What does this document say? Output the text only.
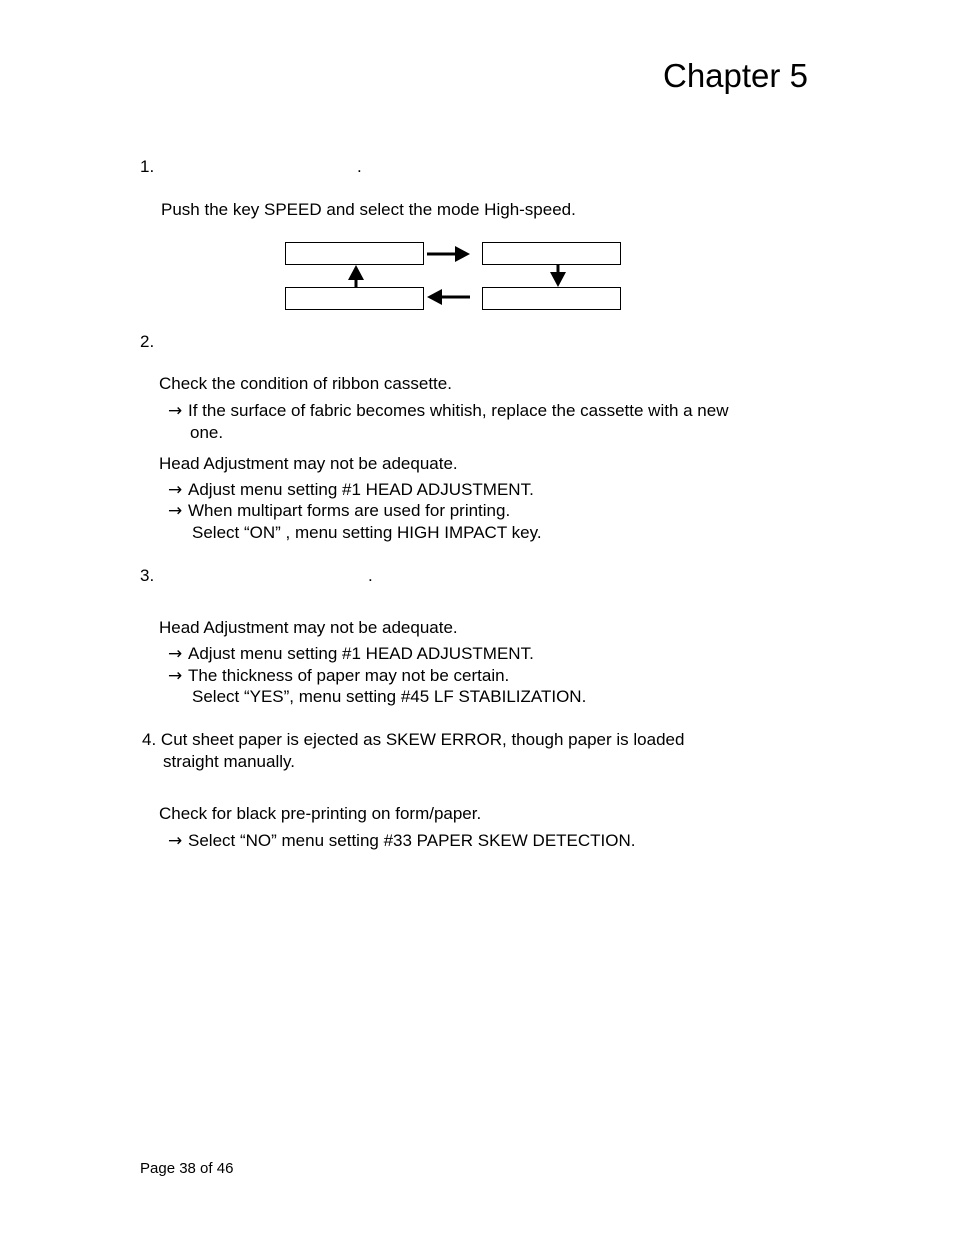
Chapter 5
1.	.
Push the key SPEED and select the mode High-speed.
2.
Check the condition of ribbon cassette.
→ If the surface of fabric becomes whitish, replace the cassette with a new
one.
Head Adjustment may not be adequate.
→ Adjust menu setting #1 HEAD ADJUSTMENT.
→ When multipart forms are used for printing.
Select “ON” , menu setting HIGH IMPACT key.
3.	.
Head Adjustment may not be adequate.
→ Adjust menu setting #1 HEAD ADJUSTMENT.
→ The thickness of paper may not be certain.
Select “YES”, menu setting #45 LF STABILIZATION.
4. Cut sheet paper is ejected as SKEW ERROR, though paper is loaded
straight manually.
Check for black pre-printing on form/paper.
→ Select “NO” menu setting #33 PAPER SKEW DETECTION.
Page 38 of 46
